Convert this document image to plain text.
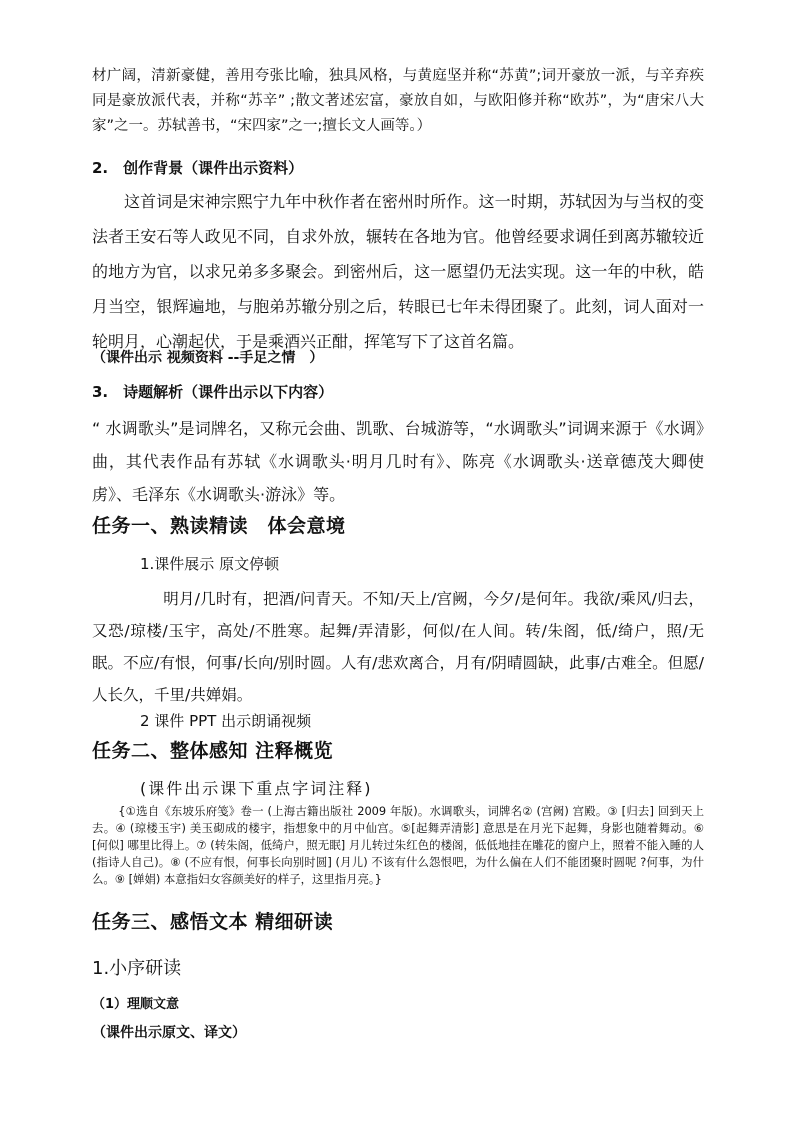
材广阔，清新豪健，善用夸张比喻，独具风格，与黄庭坚并称“苏黄”;词开豪放一派，与辛弃疾同是豪放派代表，并称“苏辛” ;散文著述宏富，豪放自如，与欧阳修并称“欧苏”，为“唐宋八大家”之一。苏轼善书，“宋四家”之一;擅长文人画等。）

2.　创作背景（课件出示资料）

这首词是宋神宗熙宁九年中秋作者在密州时所作。这一时期，苏轼因为与当权的变法者王安石等人政见不同，自求外放，辗转在各地为官。他曾经要求调任到离苏辙较近的地方为官，以求兄弟多多聚会。到密州后，这一愿望仍无法实现。这一年的中秋，皓月当空，银辉遍地，与胞弟苏辙分别之后，转眼已七年未得团聚了。此刻，词人面对一轮明月，心潮起伏，于是乘酒兴正酣，挥笔写下了这首名篇。

（课件出示 视频资料 --手足之情　）

3.　诗题解析（课件出示以下内容）

“ 水调歌头”是词牌名，又称元会曲、凯歌、台城游等，“水调歌头”词调来源于《水调》曲，其代表作品有苏轼《水调歌头·明月几时有》、陈亮《水调歌头·送章德茂大卿使虏》、毛泽东《水调歌头·游泳》等。

任务一、熟读精读　体会意境

1.课件展示 原文停顿

明月/几时有，把酒/问青天。不知/天上/宫阙，今夕/是何年。我欲/乘风/归去，又恐/琼楼/玉宇，高处/不胜寒。起舞/弄清影，何似/在人间。转/朱阁，低/绮户，照/无眠。不应/有恨，何事/长向/别时圆。人有/悲欢离合，月有/阴晴圆缺，此事/古难全。但愿/人长久，千里/共婵娟。

2 课件 PPT 出示朗诵视频

任务二、整体感知 注释概览

(课件出示课下重点字词注释)

{①选自《东坡乐府笺》卷一 (上海古籍出版社 2009 年版)。水调歌头，词牌名② (宫阙) 宫殿。③ [归去] 回到天上去。④ (琼楼玉宇) 美玉砌成的楼宇，指想象中的月中仙宫。⑤[起舞弄清影] 意思是在月光下起舞，身影也随着舞动。⑥ [何似] 哪里比得上。⑦ (转朱阁，低绮户，照无眠] 月儿转过朱红色的楼阁，低低地挂在雕花的窗户上，照着不能入睡的人(指诗人自己)。⑧ (不应有恨，何事长向别时圆] (月儿) 不该有什么怨恨吧，为什么偏在人们不能团聚时圆呢 ?何事，为什么。⑨ [婵娟) 本意指妇女容颜美好的样子，这里指月亮。}

任务三、感悟文本 精细研读

1.小序研读

（1）理顺文意

（课件出示原文、译文）
